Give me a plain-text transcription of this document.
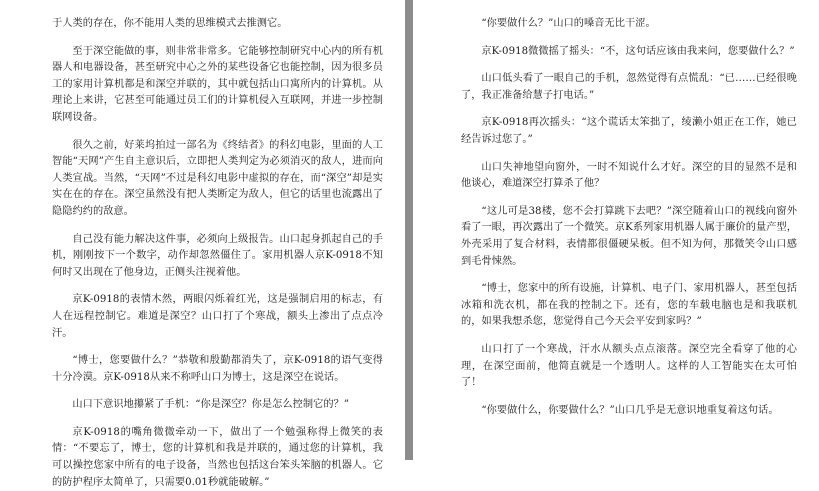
于人类的存在，你不能用人类的思维模式去推测它。

至于深空能做的事，则非常非常多。它能够控制研究中心内的所有机器人和电器设备，甚至研究中心之外的某些设备它也能控制，因为很多员工的家用计算机都是和深空并联的，其中就包括山口寓所内的计算机。从理论上来讲，它甚至可能通过员工们的计算机侵入互联网，并进一步控制联网设备。

很久之前，好莱坞拍过一部名为《终结者》的科幻电影，里面的人工智能“天网”产生自主意识后，立即把人类判定为必须消灭的敌人，进而向人类宣战。当然，“天网”不过是科幻电影中虚拟的存在，而“深空”却是实实在在的存在。深空虽然没有把人类断定为敌人，但它的话里也流露出了隐隐约约的敌意。

自己没有能力解决这件事，必须向上级报告。山口起身抓起自己的手机，刚刚按下一个数字，动作却忽然僵住了。家用机器人京K-0918不知何时又出现在了他身边，正侧头注视着他。

京K-0918的表情木然，两眼闪烁着红光，这是强制启用的标志，有人在远程控制它。难道是深空？山口打了个寒战，额头上渗出了点点冷汗。

“博士，您要做什么？”恭敬和殷勤都消失了，京K-0918的语气变得十分冷漠。京K-0918从来不称呼山口为博士，这是深空在说话。

山口下意识地攥紧了手机：“你是深空？你是怎么控制它的？”

京K-0918的嘴角微微牵动一下，做出了一个勉强称得上微笑的表情：“不要忘了，博士，您的计算机和我是并联的，通过您的计算机，我可以操控您家中所有的电子设备，当然也包括这台笨头笨脑的机器人。它的防护程序太简单了，只需要0.01秒就能破解。”

“你要做什么？”山口的嗓音无比干涩。

京K-0918微微摇了摇头：“不，这句话应该由我来问，您要做什么？”

山口低头看了一眼自己的手机，忽然觉得有点慌乱：“已……已经很晚了，我正准备给慧子打电话。”

京K-0918再次摇头：“这个谎话太笨拙了，绫濑小姐正在工作，她已经告诉过您了。”

山口失神地望向窗外，一时不知说什么才好。深空的目的显然不是和他谈心，难道深空打算杀了他？

“这儿可是38楼，您不会打算跳下去吧？”深空随着山口的视线向窗外看了一眼，再次露出了一个微笑。京K系列家用机器人属于廉价的量产型，外壳采用了复合材料，表情都很僵硬呆板。但不知为何，那微笑令山口感到毛骨悚然。

“博士，您家中的所有设施，计算机、电子门、家用机器人，甚至包括冰箱和洗衣机，都在我的控制之下。还有，您的车载电脑也是和我联机的，如果我想杀您，您觉得自己今天会平安到家吗？”

山口打了一个寒战，汗水从额头点点滚落。深空完全看穿了他的心理，在深空面前，他简直就是一个透明人。这样的人工智能实在太可怕了！

“你要做什么，你要做什么？”山口几乎是无意识地重复着这句话。
